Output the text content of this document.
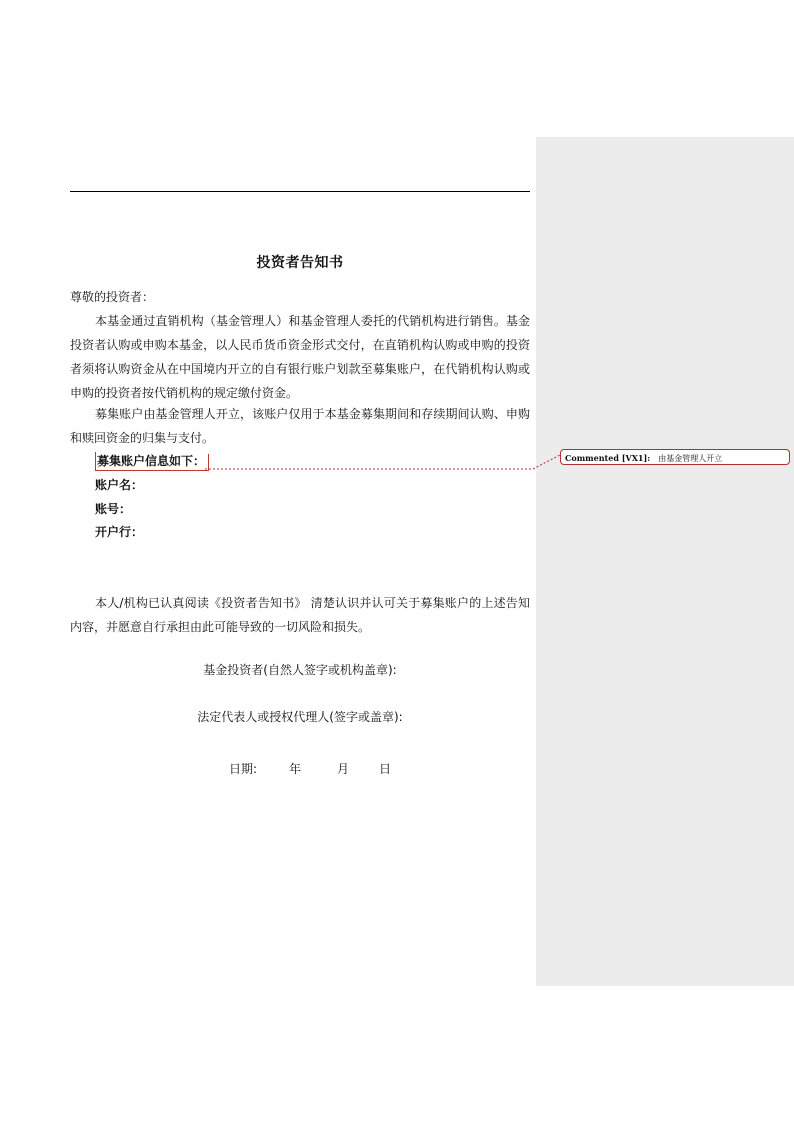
投资者告知书
尊敬的投资者：
本基金通过直销机构（基金管理人）和基金管理人委托的代销机构进行销售。基金投资者认购或申购本基金，以人民币货币资金形式交付，在直销机构认购或申购的投资者须将认购资金从在中国境内开立的自有银行账户划款至募集账户，在代销机构认购或申购的投资者按代销机构的规定缴付资金。
募集账户由基金管理人开立，该账户仅用于本基金募集期间和存续期间认购、申购和赎回资金的归集与支付。
募集账户信息如下：
账户名：
账号：
开户行：
本人/机构已认真阅读《投资者告知书》 清楚认识并认可关于募集账户的上述告知内容，并愿意自行承担由此可能导致的一切风险和损失。
基金投资者(自然人签字或机构盖章):
法定代表人或授权代理人(签字或盖章):
日期:	年	月 日
Commented [VX1]: 由基金管理人开立
